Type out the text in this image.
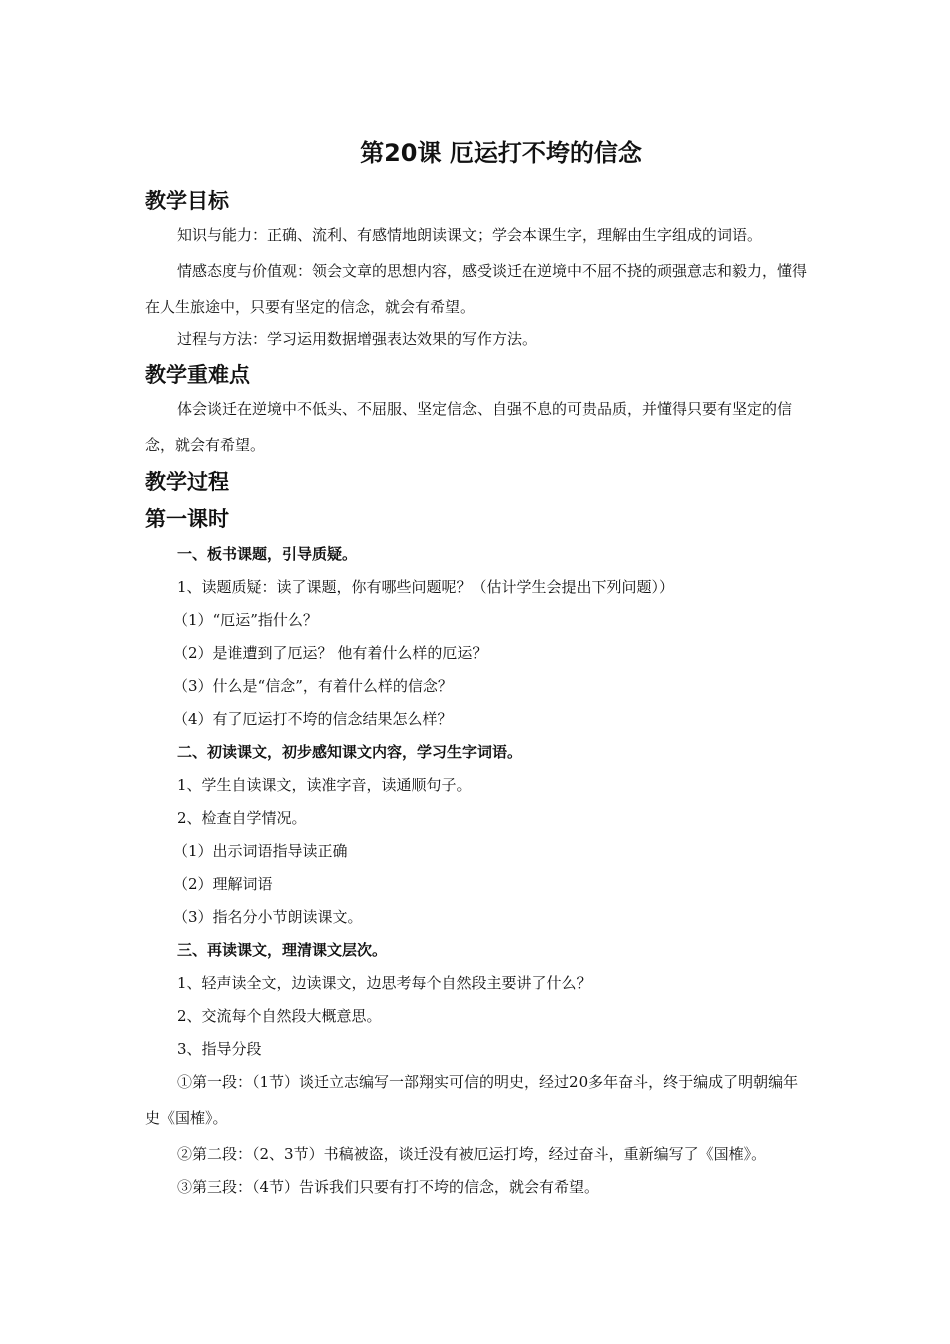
第20课 厄运打不垮的信念
教学目标
知识与能力：正确、流利、有感情地朗读课文；学会本课生字，理解由生字组成的词语。
情感态度与价值观：领会文章的思想内容，感受谈迁在逆境中不屈不挠的顽强意志和毅力，懂得在人生旅途中，只要有坚定的信念，就会有希望。
过程与方法：学习运用数据增强表达效果的写作方法。
教学重难点
体会谈迁在逆境中不低头、不屈服、坚定信念、自强不息的可贵品质，并懂得只要有坚定的信念，就会有希望。
教学过程
第一课时
一、板书课题，引导质疑。
1、读题质疑：读了课题，你有哪些问题呢？（估计学生会提出下列问题））
（1）“厄运”指什么？
（2）是谁遭到了厄运？ 他有着什么样的厄运？
（3）什么是“信念”，有着什么样的信念？
（4）有了厄运打不垮的信念结果怎么样？
二、初读课文，初步感知课文内容，学习生字词语。
1、学生自读课文，读准字音，读通顺句子。
2、检查自学情况。
（1）出示词语指导读正确
（2）理解词语
（3）指名分小节朗读课文。
三、再读课文，理清课文层次。
1、轻声读全文，边读课文，边思考每个自然段主要讲了什么？
2、交流每个自然段大概意思。
3、指导分段
①第一段：（1节）谈迁立志编写一部翔实可信的明史，经过20多年奋斗，终于编成了明朝编年史《国榷》。
②第二段：（2、3节）书稿被盗，谈迁没有被厄运打垮，经过奋斗，重新编写了《国榷》。
③第三段：（4节）告诉我们只要有打不垮的信念，就会有希望。
